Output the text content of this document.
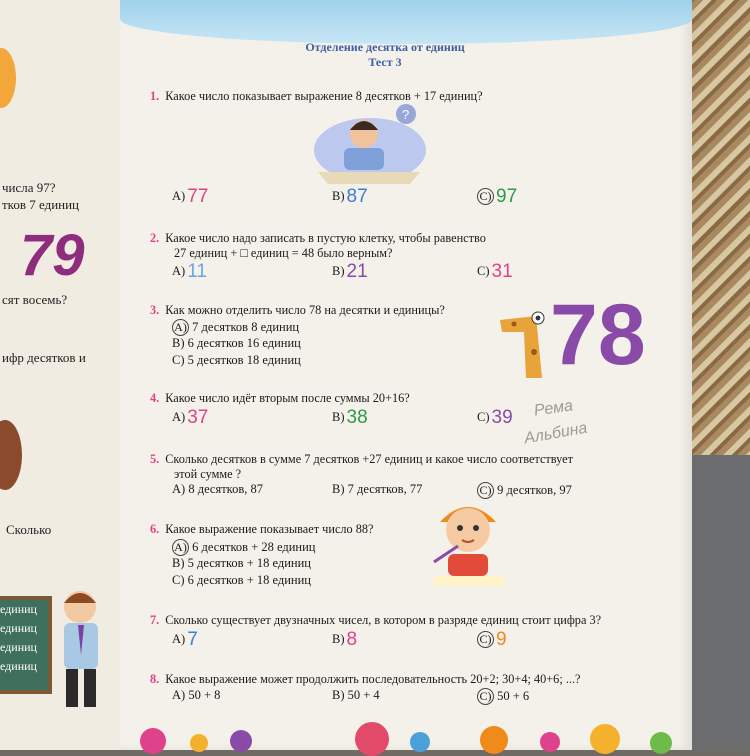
числа 97?
тков 7 единиц
79
сят восемь?
ифр десятков и
Сколько
единиц
единиц
единиц
единиц
Отделение десятка от единиц
Тест 3
1. Какое число показывает выражение 8 десятков + 17 единиц?
?
A) 77	B) 87	C) 97
2. Какое число надо записать в пустую клетку, чтобы равенство
27 единиц + □ единиц = 48 было верным?
A) 11	B) 21	C) 31
3. Как можно отделить число 78 на десятки и единицы?
A) 7 десятков 8 единиц
B) 6 десятков 16 единиц
C) 5 десятков 18 единиц	78
4. Какое число идёт вторым после суммы 20+16?
A) 37	B) 38	C) 39 Рема
Альбина
5. Сколько десятков в сумме 7 десятков +27 единиц и какое число соответствует
этой сумме ?
A) 8 десятков, 87	B) 7 десятков, 77	C) 9 десятков, 97
6. Какое выражение показывает число 88?
A) 6 десятков + 28 единиц
B) 5 десятков + 18 единиц
C) 6 десятков + 18 единиц
7. Сколько существует двузначных чисел, в котором в разряде единиц стоит цифра 3?
A) 7	B) 8	C) 9
8. Какое выражение может продолжить последовательность 20+2; 30+4; 40+6; ...?
A) 50 + 8	B) 50 + 4	C) 50 + 6
